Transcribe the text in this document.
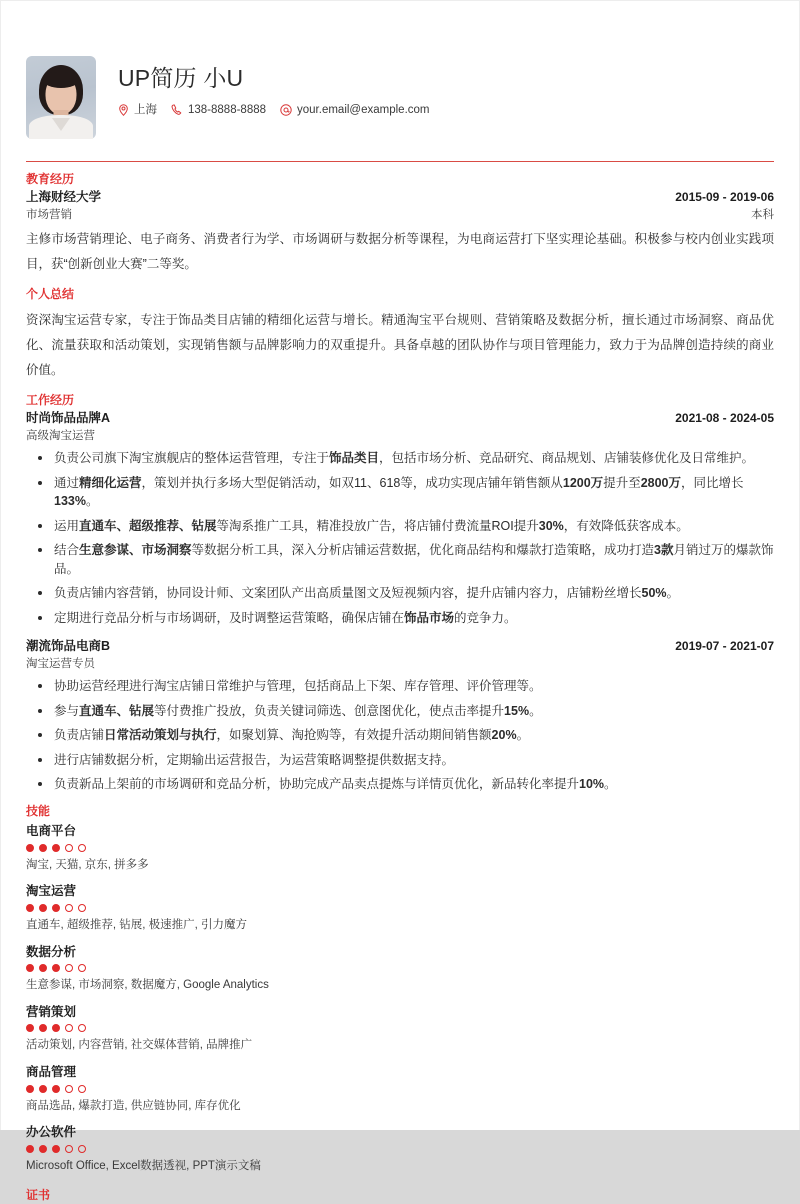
UP简历 小U
上海	138-8888-8888	your.email@example.com
教育经历
上海财经大学	2015-09 - 2019-06
市场营销	本科
主修市场营销理论、电子商务、消费者行为学、市场调研与数据分析等课程，为电商运营打下坚实理论基础。积极参与校内创业实践项目，获“创新创业大赛”二等奖。
个人总结
资深淘宝运营专家，专注于饰品类目店铺的精细化运营与增长。精通淘宝平台规则、营销策略及数据分析，擅长通过市场洞察、商品优化、流量获取和活动策划，实现销售额与品牌影响力的双重提升。具备卓越的团队协作与项目管理能力，致力于为品牌创造持续的商业价值。
工作经历
时尚饰品品牌A	2021-08 - 2024-05
高级淘宝运营
负责公司旗下淘宝旗舰店的整体运营管理，专注于饰品类目，包括市场分析、竞品研究、商品规划、店铺装修优化及日常维护。
通过精细化运营，策划并执行多场大型促销活动，如双11、618等，成功实现店铺年销售额从1200万提升至2800万，同比增长133%。
运用直通车、超级推荐、钻展等淘系推广工具，精准投放广告，将店铺付费流量ROI提升30%，有效降低获客成本。
结合生意参谋、市场洞察等数据分析工具，深入分析店铺运营数据，优化商品结构和爆款打造策略，成功打造3款月销过万的爆款饰品。
负责店铺内容营销，协同设计师、文案团队产出高质量图文及短视频内容，提升店铺内容力，店铺粉丝增长50%。
定期进行竞品分析与市场调研，及时调整运营策略，确保店铺在饰品市场的竞争力。
潮流饰品电商B	2019-07 - 2021-07
淘宝运营专员
协助运营经理进行淘宝店铺日常维护与管理，包括商品上下架、库存管理、评价管理等。
参与直通车、钻展等付费推广投放，负责关键词筛选、创意图优化，使点击率提升15%。
负责店铺日常活动策划与执行，如聚划算、淘抢购等，有效提升活动期间销售额20%。
进行店铺数据分析，定期输出运营报告，为运营策略调整提供数据支持。
负责新品上架前的市场调研和竞品分析，协助完成产品卖点提炼与详情页优化，新品转化率提升10%。
技能
电商平台
淘宝, 天猫, 京东, 拼多多
淘宝运营
直通车, 超级推荐, 钻展, 极速推广, 引力魔方
数据分析
生意参谋, 市场洞察, 数据魔方, Google Analytics
营销策划
活动策划, 内容营销, 社交媒体营销, 品牌推广
商品管理
商品选品, 爆款打造, 供应链协同, 库存优化
办公软件
Microsoft Office, Excel数据透视, PPT演示文稿
证书
